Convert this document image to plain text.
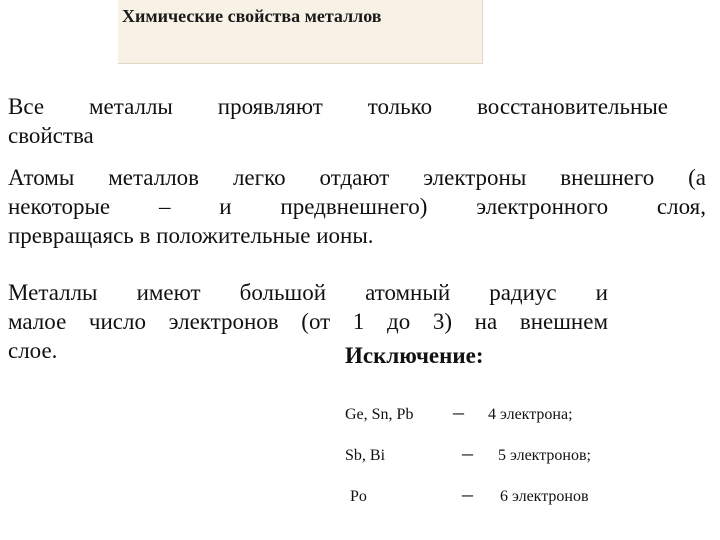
Химические свойства металлов
Все металлы проявляют только восстановительные
свойства
Атомы металлов легко отдают электроны внешнего (а
некоторые – и предвнешнего) электронного слоя,
превращаясь в положительные ионы.
Металлы имеют большой атомный радиус и
малое число электронов (от 1 до 3) на внешнем
слое.	Исключение:
Ge, Sn, Pb – 4 электрона;
Sb, Bi	– 5 электронов;
Po	– 6 электронов
